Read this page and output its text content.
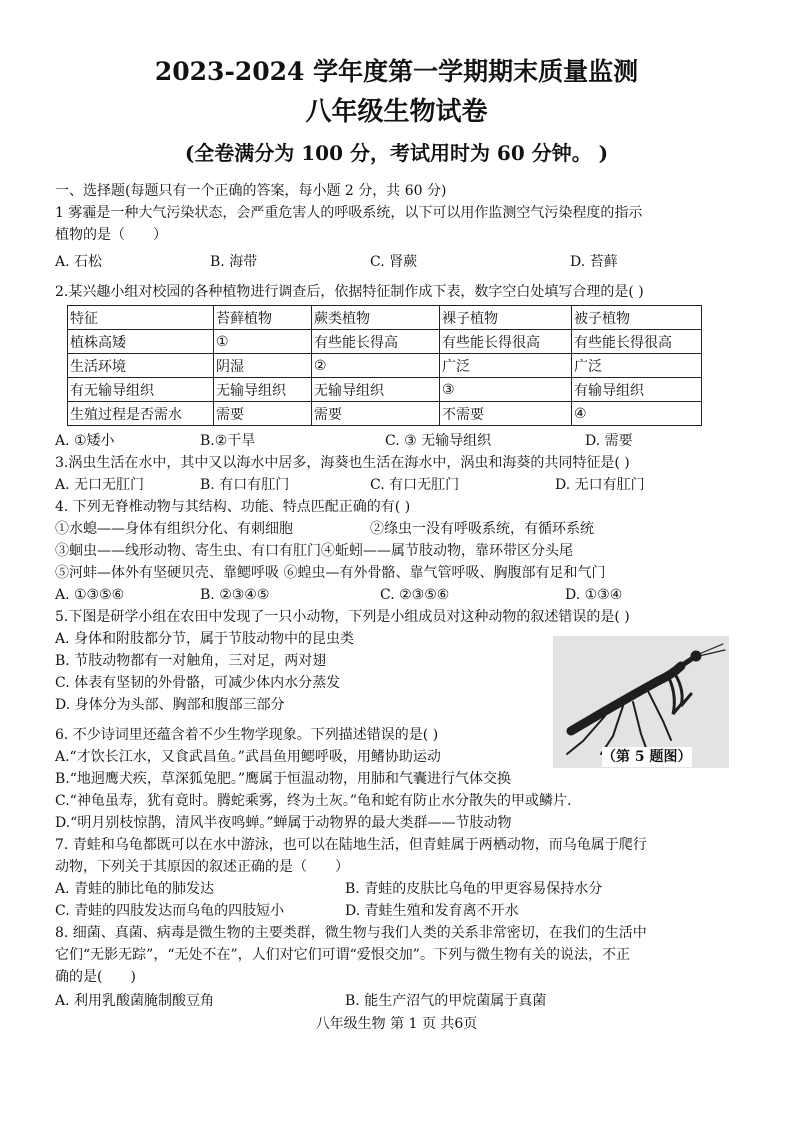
2023-2024 学年度第一学期期末质量监测
八年级生物试卷
(全卷满分为 100 分，考试用时为 60 分钟。 )
一、选择题(每题只有一个正确的答案，每小题 2 分，共 60 分)
1 雾霾是一种大气污染状态，会严重危害人的呼吸系统，以下可以用作监测空气污染程度的指示
植物的是（　　）
A. 石松	B. 海带	C. 肾蕨	D. 苔藓
2.某兴趣小组对校园的各种植物进行调查后，依据特征制作成下表，数字空白处填写合理的是( )
特征	苔藓植物	蕨类植物	裸子植物	被子植物
植株高矮	①	有些能长得高	有些能长得很高	有些能长得很高
生活环境	阴湿	②	广泛	广泛
有无输导组织	无输导组织	无输导组织	③	有输导组织
生殖过程是否需水	需要	需要	不需要	④
A. ①矮小	B.②干旱	C. ③ 无输导组织	D. 需要
3.涡虫生活在水中，其中又以海水中居多，海葵也生活在海水中，涡虫和海葵的共同特征是( )
A. 无口无肛门	B. 有口有肛门	C. 有口无肛门	D. 无口有肛门
4. 下列无脊椎动物与其结构、功能、特点匹配正确的有( )
①水螅——身体有组织分化、有刺细胞	②绦虫一没有呼吸系统，有循环系统
③蛔虫——线形动物、寄生虫、有口有肛门④蚯蚓——属节肢动物，靠环带区分头尾
⑤河蚌—体外有坚硬贝壳、靠鳃呼吸 ⑥蝗虫—有外骨骼、靠气管呼吸、胸腹部有足和气门
A. ①③⑤⑥	B. ②③④⑤	C. ②③⑤⑥	D. ①③④
5.下图是研学小组在农田中发现了一只小动物，下列是小组成员对这种动物的叙述错误的是( )
A. 身体和附肢都分节，属于节肢动物中的昆虫类
B. 节肢动物都有一对触角，三对足，两对翅
C. 体表有坚韧的外骨骼，可减少体内水分蒸发
D. 身体分为头部、胸部和腹部三部分
（第 5 题图）
6. 不少诗词里还蕴含着不少生物学现象。下列描述错误的是( )
A.“才饮长江水，又食武昌鱼。”武昌鱼用鳃呼吸，用鳍协助运动
B.“地迥鹰犬疾，草深狐兔肥。”鹰属于恒温动物，用肺和气囊进行气体交换
C.“神龟虽寿，犹有竟时。腾蛇乘雾，终为土灰。”龟和蛇有防止水分散失的甲或鳞片.
D.“明月别枝惊鹊，清风半夜鸣蝉。”蝉属于动物界的最大类群——节肢动物
7. 青蛙和乌龟都既可以在水中游泳，也可以在陆地生活，但青蛙属于两栖动物，而乌龟属于爬行
动物，下列关于其原因的叙述正确的是（　　）
A. 青蛙的肺比龟的肺发达	B. 青蛙的皮肤比乌龟的甲更容易保持水分
C. 青蛙的四肢发达而乌龟的四肢短小	D. 青蛙生殖和发育离不开水
8. 细菌、真菌、病毒是微生物的主要类群，微生物与我们人类的关系非常密切，在我们的生活中
它们“无影无踪”，“无处不在”，人们对它们可谓“爱恨交加”。下列与微生物有关的说法，不正
确的是(　　)
A. 利用乳酸菌腌制酸豆角	B. 能生产沼气的甲烷菌属于真菌
八年级生物 第 1 页 共6页
